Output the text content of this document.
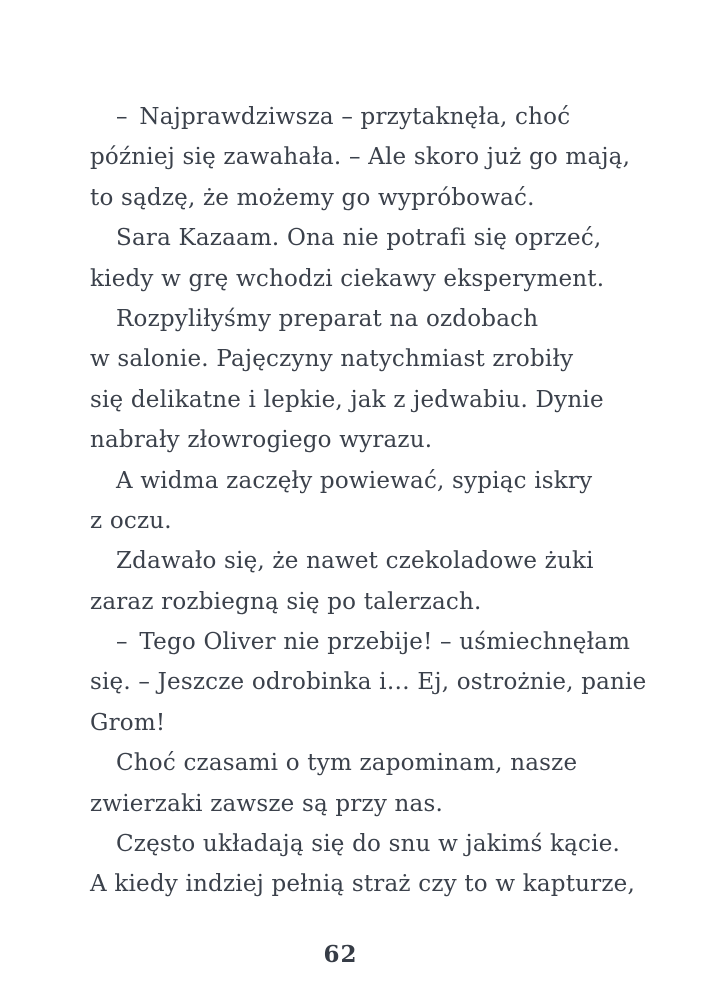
– Najprawdziwsza – przytaknęła, choć
później się zawahała. – Ale skoro już go mają,
to sądzę, że możemy go wypróbować.
Sara Kazaam. Ona nie potrafi się oprzeć,
kiedy w grę wchodzi ciekawy eksperyment.
Rozpyliłyśmy preparat na ozdobach
w salonie. Pajęczyny natychmiast zrobiły
się delikatne i lepkie, jak z jedwabiu. Dynie
nabrały złowrogiego wyrazu.
A widma zaczęły powiewać, sypiąc iskry
z oczu.
Zdawało się, że nawet czekoladowe żuki
zaraz rozbiegną się po talerzach.
– Tego Oliver nie przebije! – uśmiechnęłam
się. – Jeszcze odrobinka i… Ej, ostrożnie, panie
Grom!
Choć czasami o tym zapominam, nasze
zwierzaki zawsze są przy nas.
Często układają się do snu w jakimś kącie.
A kiedy indziej pełnią straż czy to w kapturze,
62
